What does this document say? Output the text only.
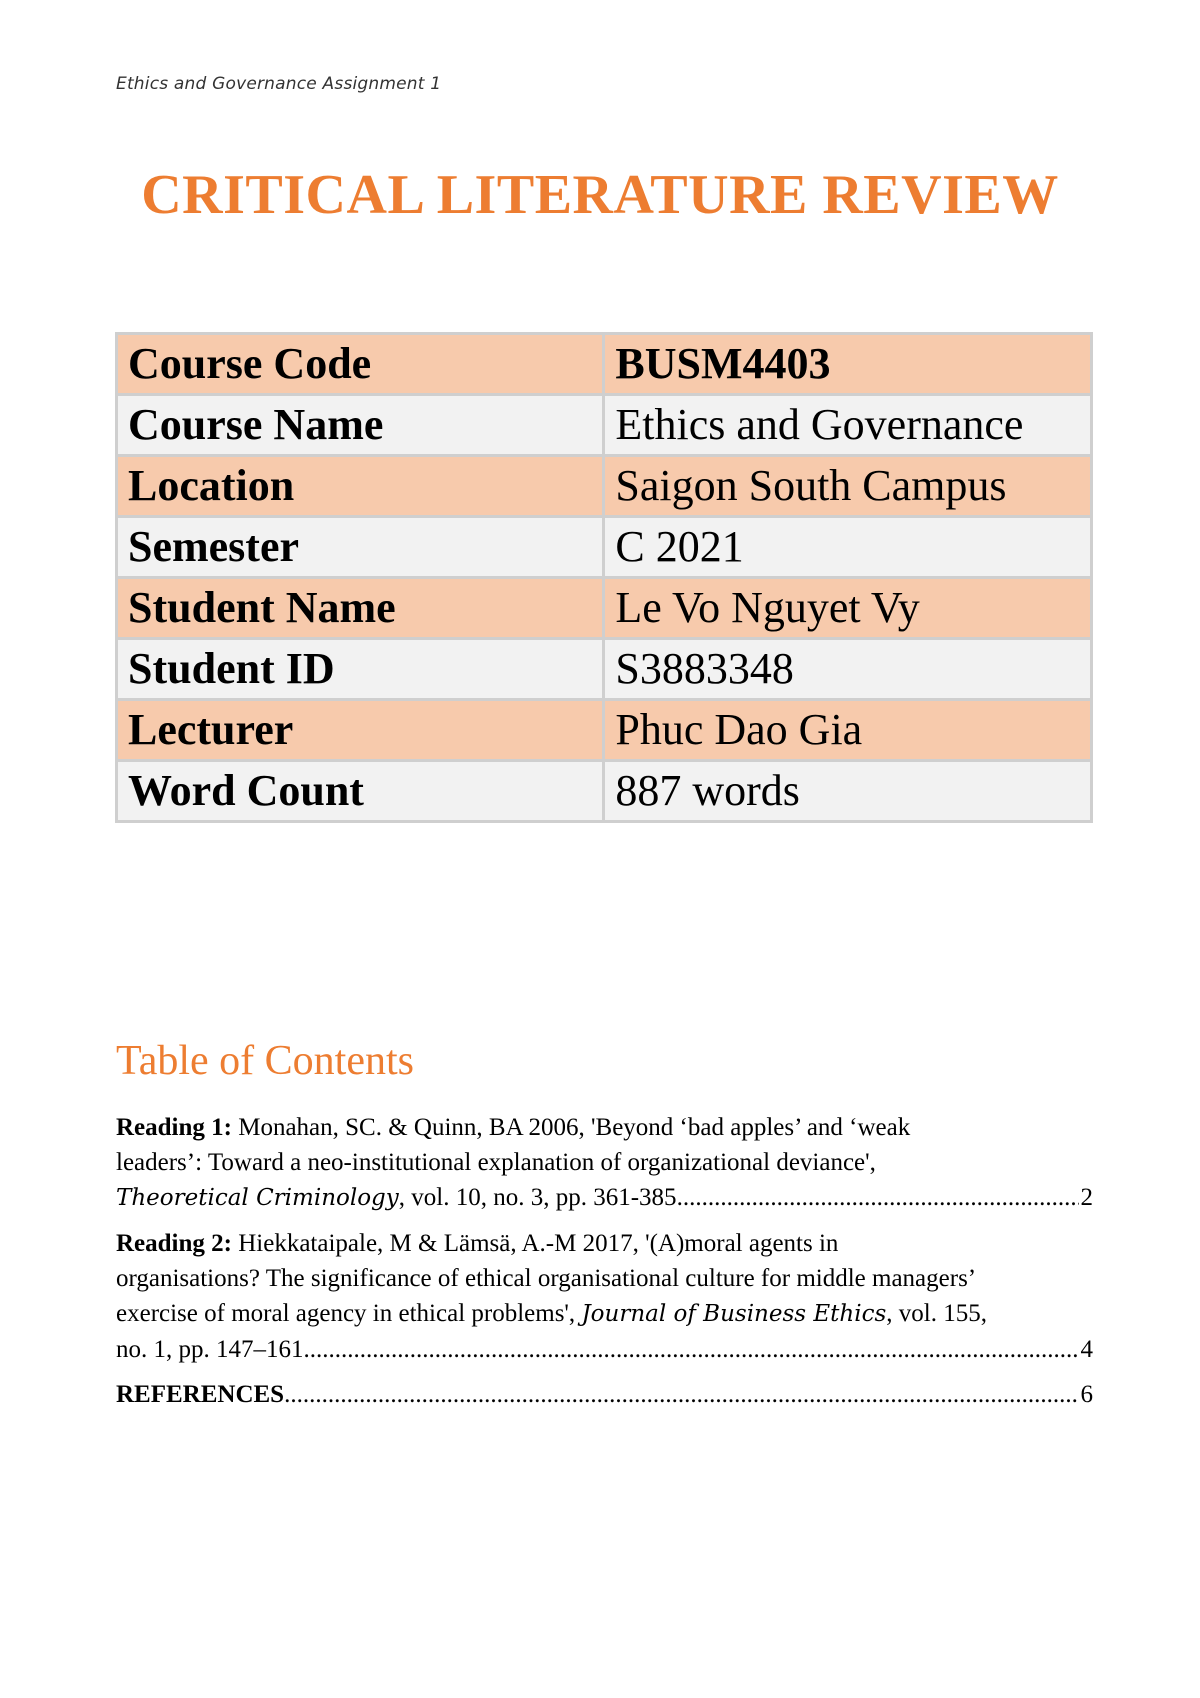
Ethics and Governance Assignment 1
CRITICAL LITERATURE REVIEW
Course Code	BUSM4403
Course Name	Ethics and Governance
Location	Saigon South Campus
Semester	C 2021
Student Name	Le Vo Nguyet Vy
Student ID	S3883348
Lecturer	Phuc Dao Gia
Word Count	887 words
Table of Contents
Reading 1: Monahan, SC. & Quinn, BA 2006, 'Beyond ‘bad apples’ and ‘weak
leaders’: Toward a neo-institutional explanation of organizational deviance',
Theoretical Criminology , vol. 10, no. 3, pp. 361-385 .....	2
Reading 2: Hiekkataipale, M & Lämsä, A.-M 2017, '(A)moral agents in
organisations? The significance of ethical organisational culture for middle managers’
exercise of moral agency in ethical problems', Journal of Business Ethics, vol. 155,
no. 1, pp. 147–161 .....	4
REFERENCES .....	6
